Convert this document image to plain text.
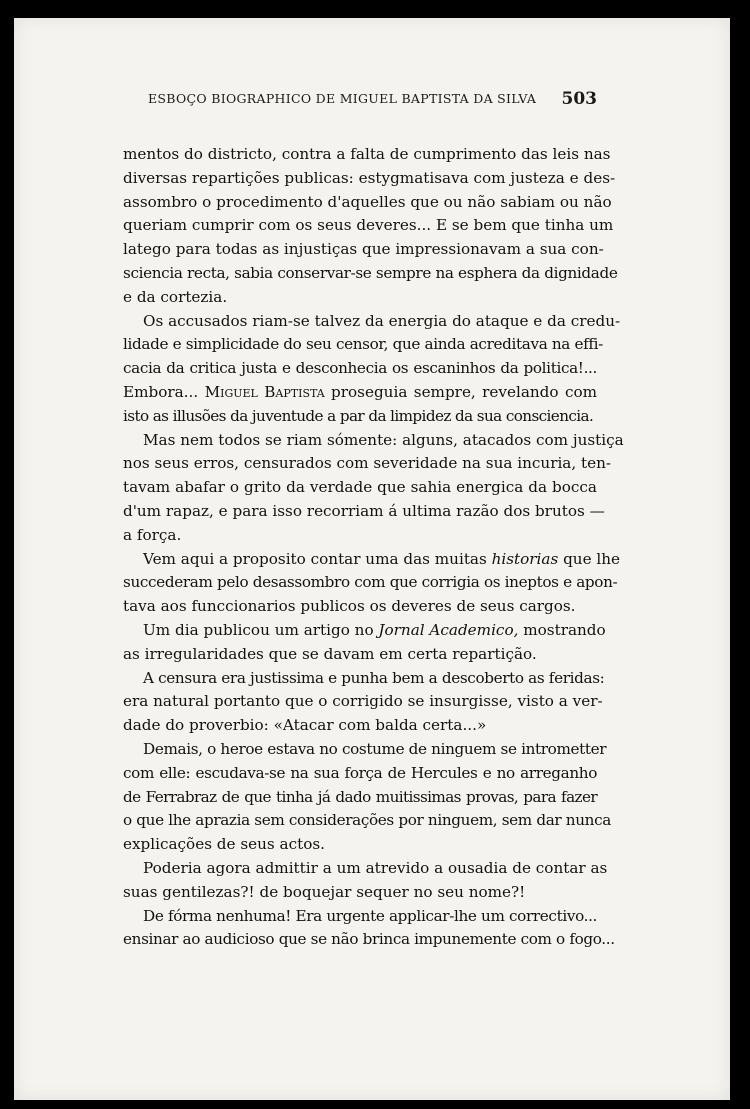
ESBOÇO BIOGRAPHICO DE MIGUEL BAPTISTA DA SILVA 503
mentos do districto, contra a falta de cumprimento das leis nas
diversas repartições publicas: estygmatisava com justeza e des-
assombro o procedimento d'aquelles que ou não sabiam ou não
queriam cumprir com os seus deveres... E se bem que tinha um
latego para todas as injustiças que impressionavam a sua con-
sciencia recta, sabia conservar-se sempre na esphera da dignidade
e da cortezia.
Os accusados riam-se talvez da energia do ataque e da credu-
lidade e simplicidade do seu censor, que ainda acreditava na effi-
cacia da critica justa e desconhecia os escaninhos da politica!...
Embora... Miguel Baptista proseguia sempre, revelando com
isto as illusões da juventude a par da limpidez da sua consciencia.
Mas nem todos se riam sómente: alguns, atacados com justiça
nos seus erros, censurados com severidade na sua incuria, ten-
tavam abafar o grito da verdade que sahia energica da bocca
d'um rapaz, e para isso recorriam á ultima razão dos brutos —
a força.
Vem aqui a proposito contar uma das muitas historias que lhe
succederam pelo desassombro com que corrigia os ineptos e apon-
tava aos funccionarios publicos os deveres de seus cargos.
Um dia publicou um artigo no Jornal Academico, mostrando
as irregularidades que se davam em certa repartição.
A censura era justissima e punha bem a descoberto as feridas:
era natural portanto que o corrigido se insurgisse, visto a ver-
dade do proverbio: «Atacar com balda certa...»
Demais, o heroe estava no costume de ninguem se intrometter
com elle: escudava-se na sua força de Hercules e no arreganho
de Ferrabraz de que tinha já dado muitissimas provas, para fazer
o que lhe aprazia sem considerações por ninguem, sem dar nunca
explicações de seus actos.
Poderia agora admittir a um atrevido a ousadia de contar as
suas gentilezas?! de boquejar sequer no seu nome?!
De fórma nenhuma! Era urgente applicar-lhe um correctivo...
ensinar ao audicioso que se não brinca impunemente com o fogo...
